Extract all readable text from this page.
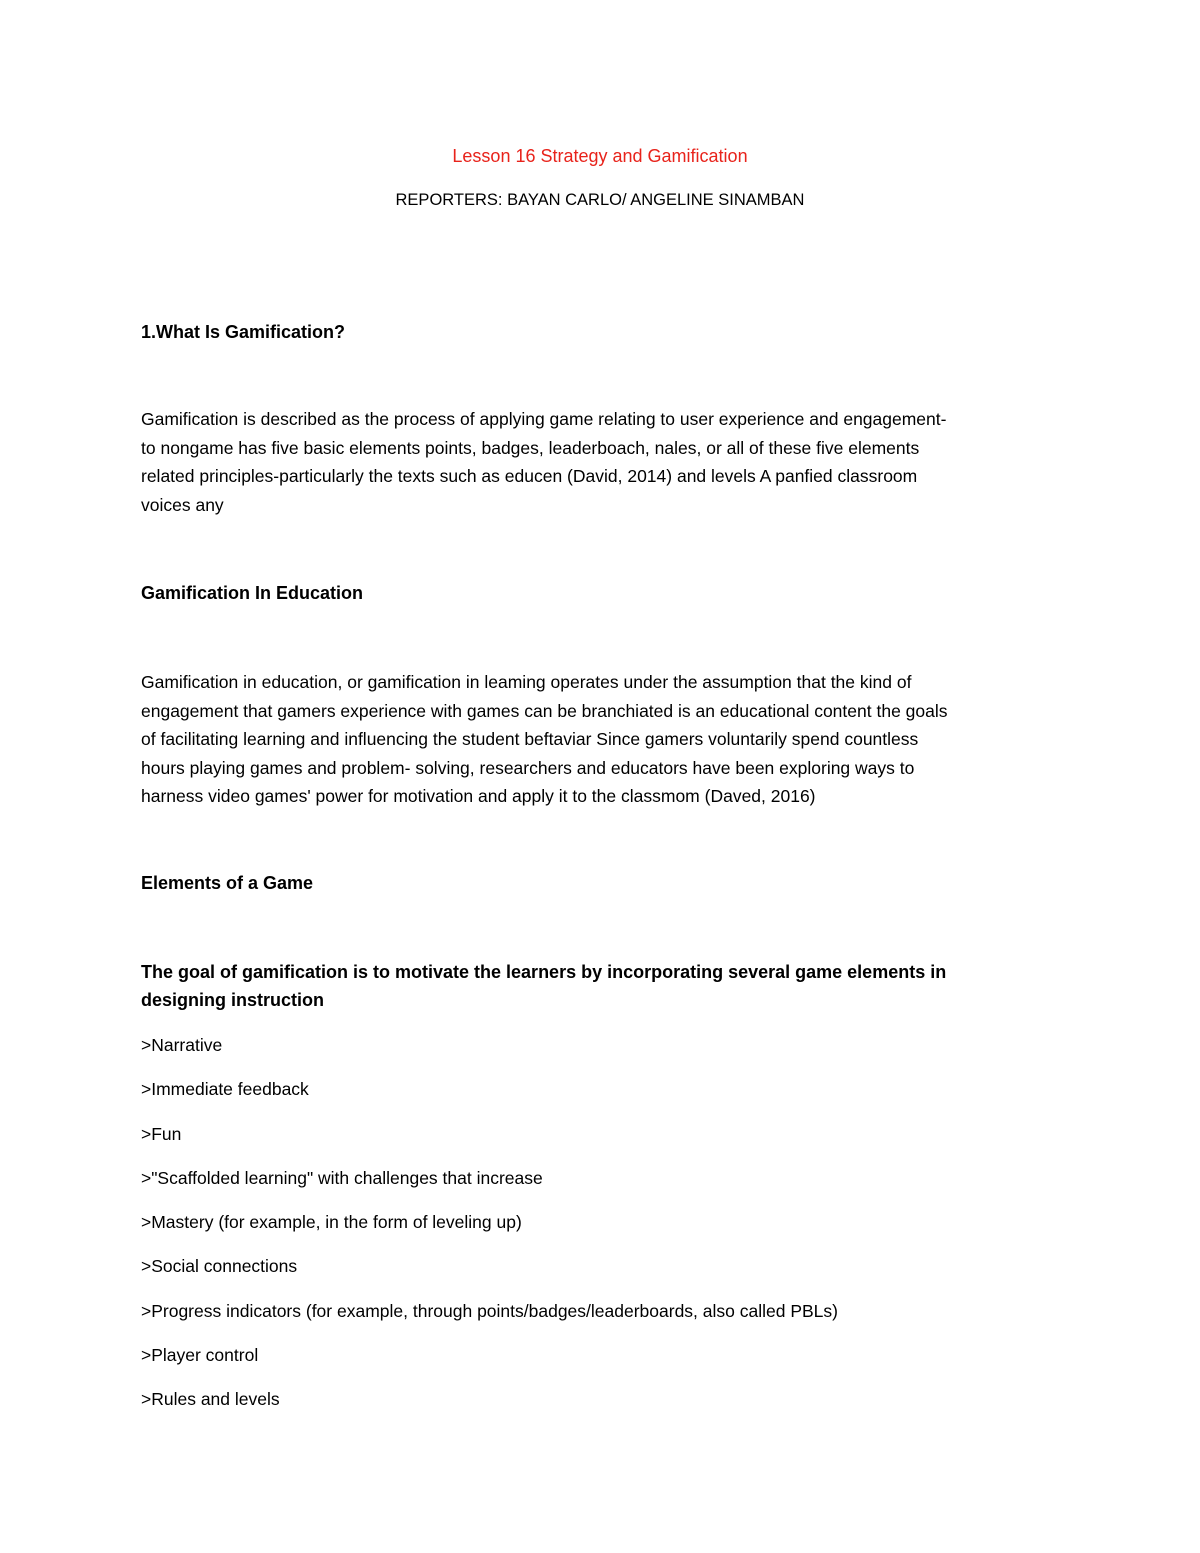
Lesson 16 Strategy and Gamification
REPORTERS: BAYAN CARLO/ ANGELINE SINAMBAN
1.What Is Gamification?
Gamification is described as the process of applying game relating to user experience and engagement-
to nongame has five basic elements points, badges, leaderboach, nales, or all of these five elements
related principles-particularly the texts such as educen (David, 2014) and levels A panfied classroom
voices any
Gamification In Education
Gamification in education, or gamification in leaming operates under the assumption that the kind of
engagement that gamers experience with games can be branchiated is an educational content the goals
of facilitating learning and influencing the student beftaviar Since gamers voluntarily spend countless
hours playing games and problem- solving, researchers and educators have been exploring ways to
harness video games' power for motivation and apply it to the classmom (Daved, 2016)
Elements of a Game
The goal of gamification is to motivate the learners by incorporating several game elements in
designing instruction
>Narrative
>Immediate feedback
>Fun
>"Scaffolded learning" with challenges that increase
>Mastery (for example, in the form of leveling up)
>Social connections
>Progress indicators (for example, through points/badges/leaderboards, also called PBLs)
>Player control
>Rules and levels
